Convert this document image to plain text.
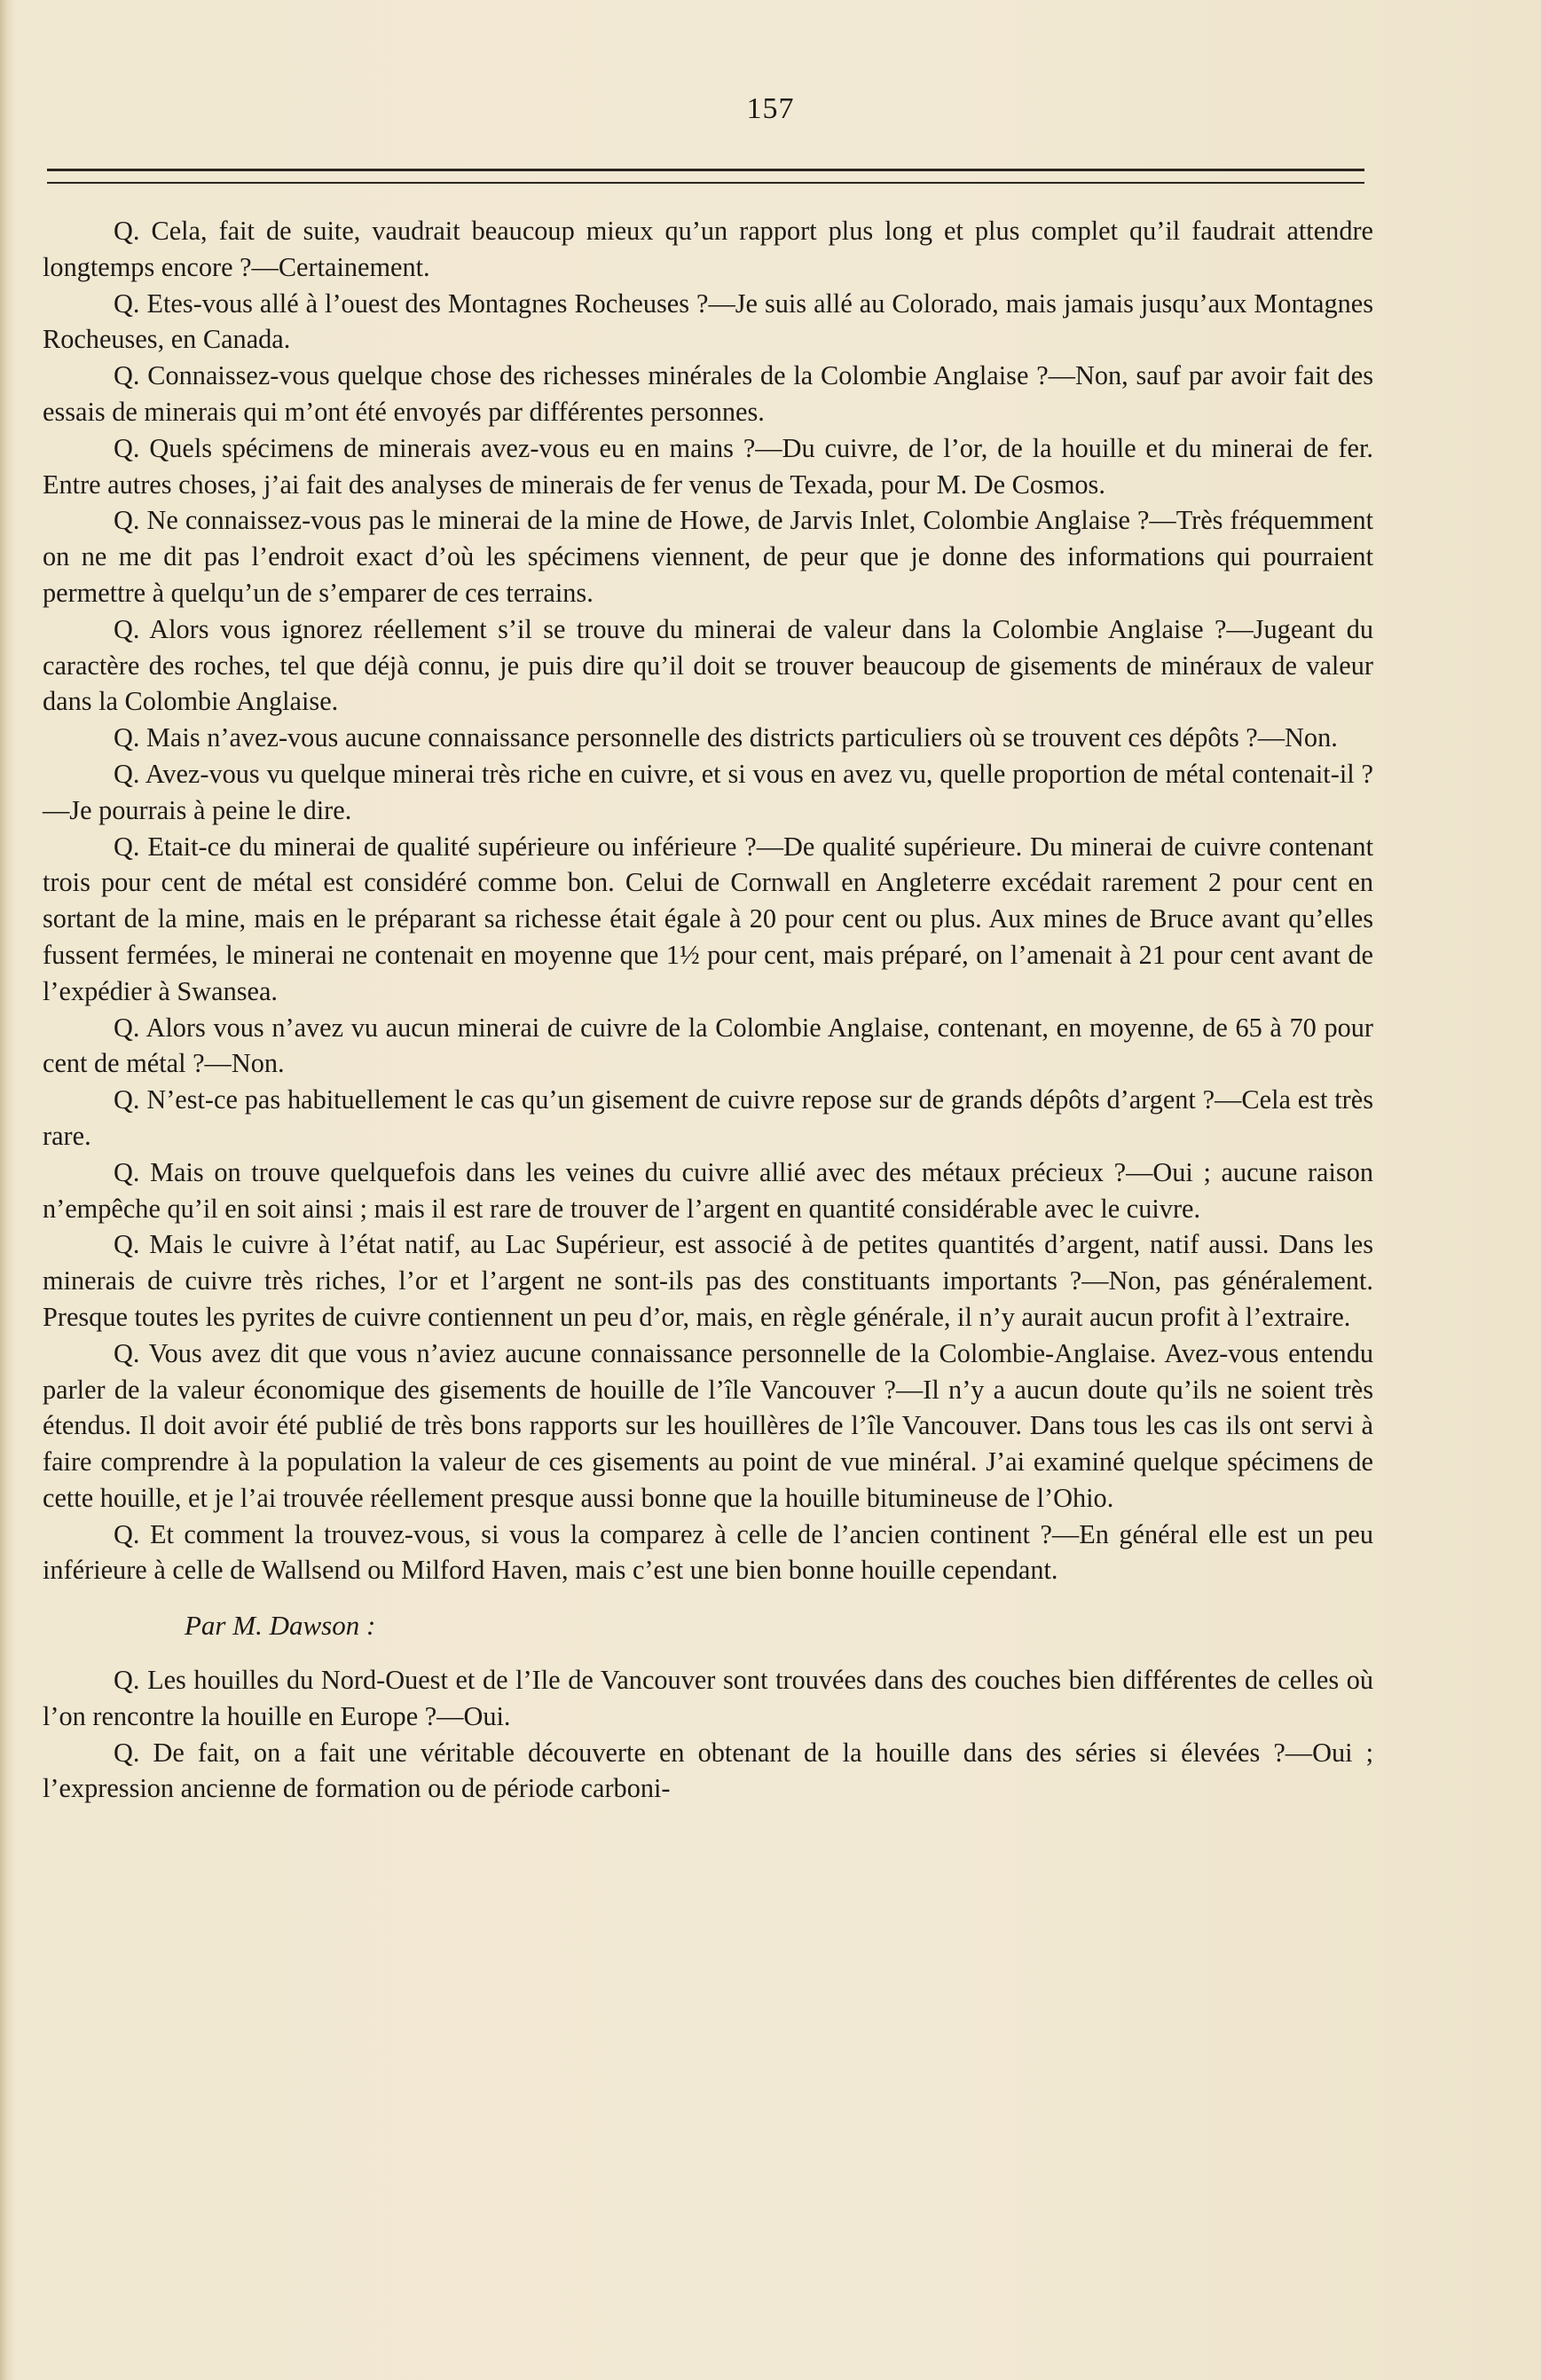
157

Q. Cela, fait de suite, vaudrait beaucoup mieux qu’un rapport plus long et plus complet qu’il faudrait attendre longtemps encore ?—Certainement.

Q. Etes-vous allé à l’ouest des Montagnes Rocheuses ?—Je suis allé au Colorado, mais jamais jusqu’aux Montagnes Rocheuses, en Canada.

Q. Connaissez-vous quelque chose des richesses minérales de la Colombie Anglaise ?—Non, sauf par avoir fait des essais de minerais qui m’ont été envoyés par différentes personnes.

Q. Quels spécimens de minerais avez-vous eu en mains ?—Du cuivre, de l’or, de la houille et du minerai de fer. Entre autres choses, j’ai fait des analyses de minerais de fer venus de Texada, pour M. De Cosmos.

Q. Ne connaissez-vous pas le minerai de la mine de Howe, de Jarvis Inlet, Colombie Anglaise ?—Très fréquemment on ne me dit pas l’endroit exact d’où les spécimens viennent, de peur que je donne des informations qui pourraient permettre à quelqu’un de s’emparer de ces terrains.

Q. Alors vous ignorez réellement s’il se trouve du minerai de valeur dans la Colombie Anglaise ?—Jugeant du caractère des roches, tel que déjà connu, je puis dire qu’il doit se trouver beaucoup de gisements de minéraux de valeur dans la Colombie Anglaise.

Q. Mais n’avez-vous aucune connaissance personnelle des districts particuliers où se trouvent ces dépôts ?—Non.

Q. Avez-vous vu quelque minerai très riche en cuivre, et si vous en avez vu, quelle proportion de métal contenait-il ?—Je pourrais à peine le dire.

Q. Etait-ce du minerai de qualité supérieure ou inférieure ?—De qualité supérieure. Du minerai de cuivre contenant trois pour cent de métal est considéré comme bon. Celui de Cornwall en Angleterre excédait rarement 2 pour cent en sortant de la mine, mais en le préparant sa richesse était égale à 20 pour cent ou plus. Aux mines de Bruce avant qu’elles fussent fermées, le minerai ne contenait en moyenne que 1½ pour cent, mais préparé, on l’amenait à 21 pour cent avant de l’expédier à Swansea.

Q. Alors vous n’avez vu aucun minerai de cuivre de la Colombie Anglaise, contenant, en moyenne, de 65 à 70 pour cent de métal ?—Non.

Q. N’est-ce pas habituellement le cas qu’un gisement de cuivre repose sur de grands dépôts d’argent ?—Cela est très rare.

Q. Mais on trouve quelquefois dans les veines du cuivre allié avec des métaux précieux ?—Oui ; aucune raison n’empêche qu’il en soit ainsi ; mais il est rare de trouver de l’argent en quantité considérable avec le cuivre.

Q. Mais le cuivre à l’état natif, au Lac Supérieur, est associé à de petites quantités d’argent, natif aussi. Dans les minerais de cuivre très riches, l’or et l’argent ne sont-ils pas des constituants importants ?—Non, pas généralement. Presque toutes les pyrites de cuivre contiennent un peu d’or, mais, en règle générale, il n’y aurait aucun profit à l’extraire.

Q. Vous avez dit que vous n’aviez aucune connaissance personnelle de la Colombie-Anglaise. Avez-vous entendu parler de la valeur économique des gisements de houille de l’île Vancouver ?—Il n’y a aucun doute qu’ils ne soient très étendus. Il doit avoir été publié de très bons rapports sur les houillères de l’île Vancouver. Dans tous les cas ils ont servi à faire comprendre à la population la valeur de ces gisements au point de vue minéral. J’ai examiné quelque spécimens de cette houille, et je l’ai trouvée réellement presque aussi bonne que la houille bitumineuse de l’Ohio.

Q. Et comment la trouvez-vous, si vous la comparez à celle de l’ancien continent ?—En général elle est un peu inférieure à celle de Wallsend ou Milford Haven, mais c’est une bien bonne houille cependant.

Par M. Dawson :

Q. Les houilles du Nord-Ouest et de l’Ile de Vancouver sont trouvées dans des couches bien différentes de celles où l’on rencontre la houille en Europe ?—Oui.

Q. De fait, on a fait une véritable découverte en obtenant de la houille dans des séries si élevées ?—Oui ; l’expression ancienne de formation ou de période carboni-
